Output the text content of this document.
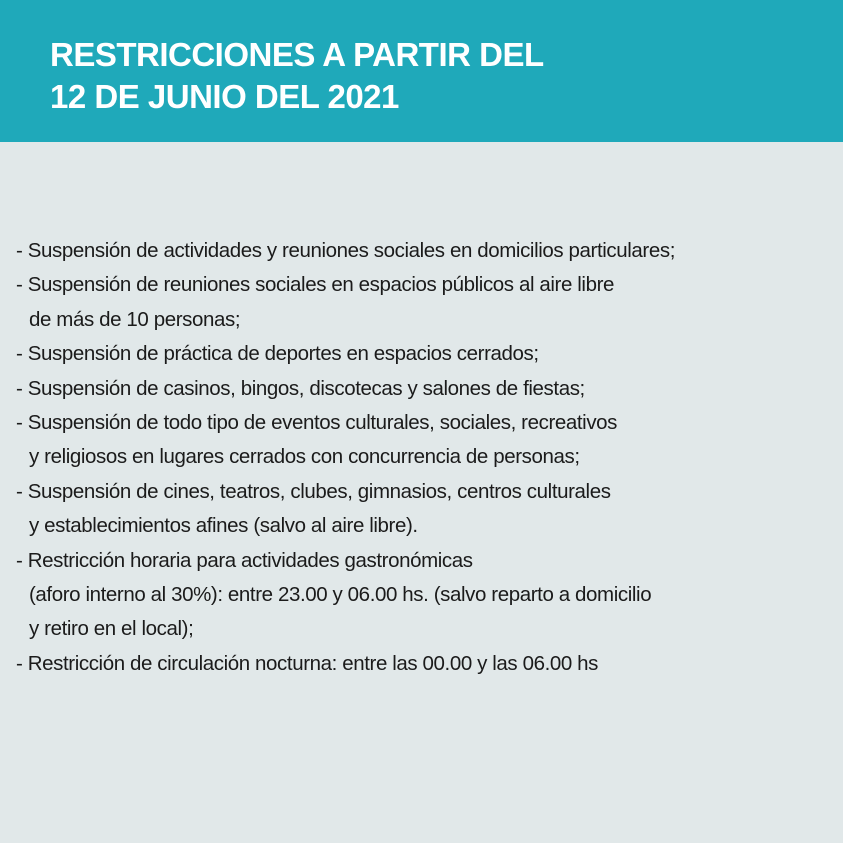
RESTRICCIONES A PARTIR DEL
12 DE JUNIO DEL 2021
- Suspensión de actividades y reuniones sociales en domicilios particulares;
- Suspensión de reuniones sociales en espacios públicos al aire libre
de más de 10 personas;
- Suspensión de práctica de deportes en espacios cerrados;
- Suspensión de casinos, bingos, discotecas y salones de fiestas;
- Suspensión de todo tipo de eventos culturales, sociales, recreativos
y religiosos en lugares cerrados con concurrencia de personas;
- Suspensión de cines, teatros, clubes, gimnasios, centros culturales
y establecimientos afines (salvo al aire libre).
- Restricción horaria para actividades gastronómicas
(aforo interno al 30%): entre 23.00 y 06.00 hs. (salvo reparto a domicilio
y retiro en el local);
- Restricción de circulación nocturna: entre las 00.00 y las 06.00 hs
